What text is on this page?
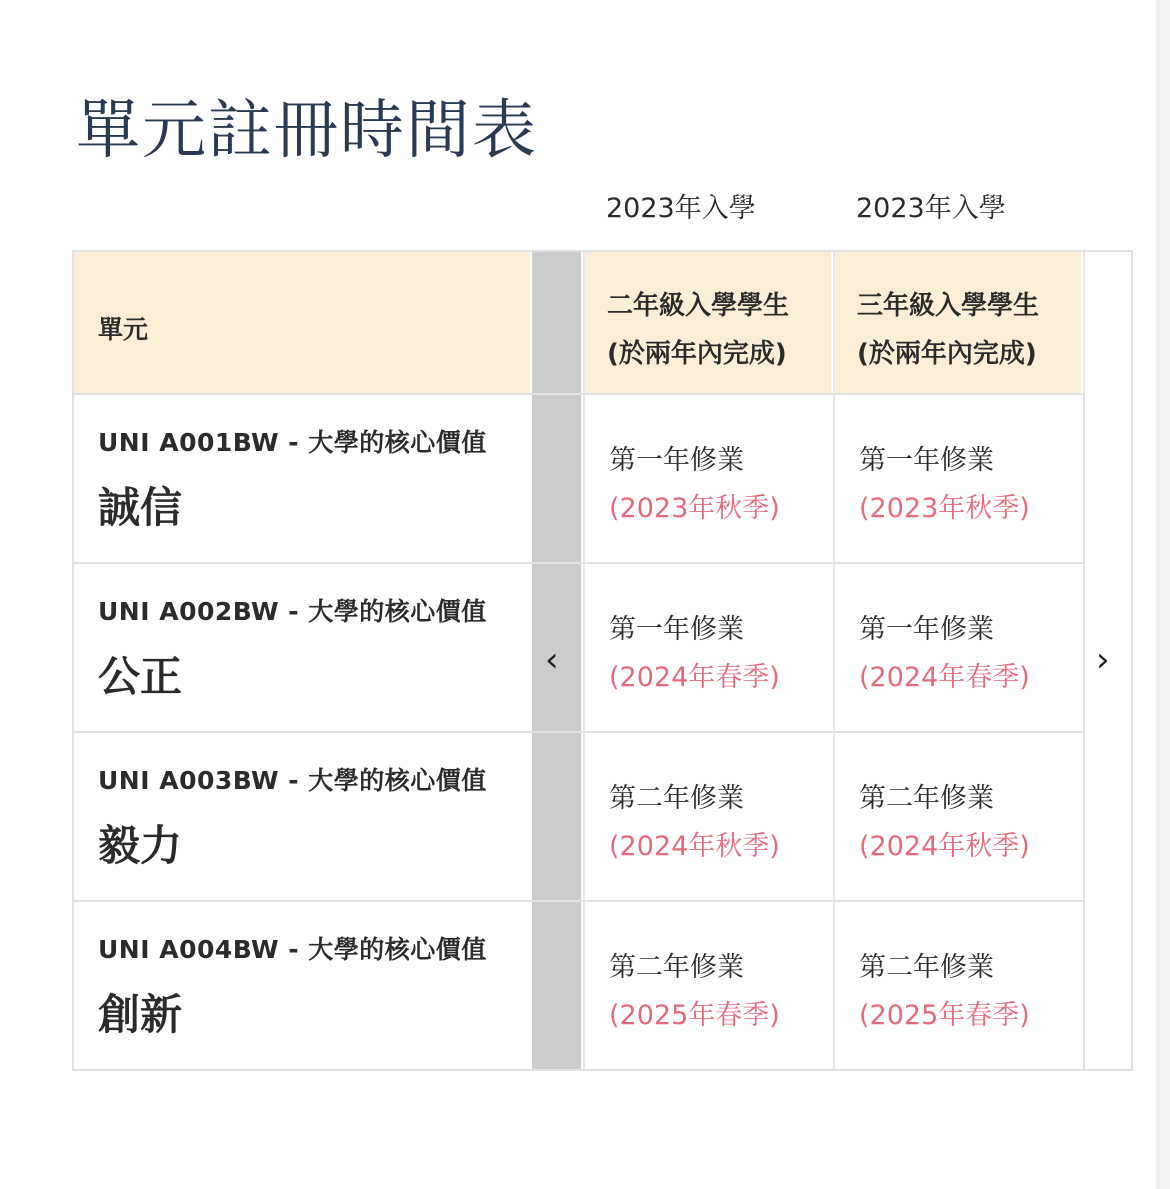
單元註冊時間表
2023年入學	2023年入學
單元
二年級入學學生
(於兩年內完成)
三年級入學學生
(於兩年內完成)
UNI A001BW - 大學的核心價值
誠信
第一年修業
(2023年秋季)
第一年修業
(2023年秋季)
UNI A002BW - 大學的核心價值
公正
第一年修業
(2024年春季)
第一年修業
(2024年春季)
UNI A003BW - 大學的核心價值
毅力
第二年修業
(2024年秋季)
第二年修業
(2024年秋季)
UNI A004BW - 大學的核心價值
創新
第二年修業
(2025年春季)
第二年修業
(2025年春季)
‹	›
